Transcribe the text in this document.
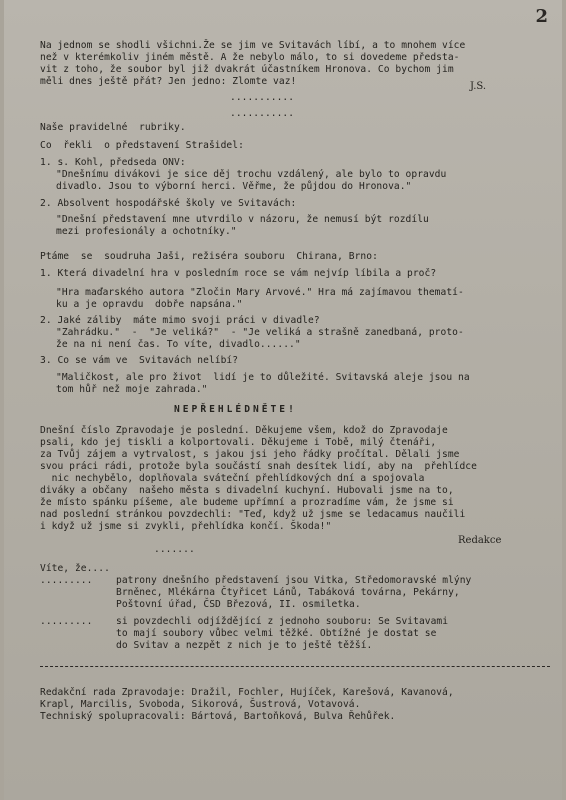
2

Na jednom se shodli všichni.Že se jim ve Svitavách líbí, a to mnohem více

než v kterémkoliv jiném městě. A že nebylo málo, to si dovedeme předsta-

vit z toho, že soubor byl již dvakrát účastníkem Hronova. Co bychom jim

měli dnes ještě přát? Jen jedno: Zlomte vaz!	J.S.

...........

...........

Naše pravidelné  rubriky.

Co  řekli  o představení Strašidel:

1. s. Kohl, předseda ONV:

"Dnešnímu divákovi je sice děj trochu vzdálený, ale bylo to opravdu

divadlo. Jsou to výborní herci. Věřme, že půjdou do Hronova."

2. Absolvent hospodářské školy ve Svitavách:

"Dnešní představení mne utvrdilo v názoru, že nemusí být rozdílu

mezi profesionály a ochotníky."

Ptáme  se  soudruha Jaši, režiséra souboru  Chirana, Brno:

1. Která divadelní hra v posledním roce se vám nejvíp líbila a proč?

"Hra maďarského autora "Zločin Mary Arvové." Hra má zajímavou thematí-

ku a je opravdu  dobře napsána."

2. Jaké záliby  máte mimo svoji práci v divadle?

"Zahrádku."  -  "Je veliká?"  - "Je veliká a strašně zanedbaná, proto-

že na ni není čas. To víte, divadlo......"

3. Co se vám ve  Svitavách nelíbí?

"Maličkost, ale pro život  lidí je to důležité. Svitavská aleje jsou na

tom hůř než moje zahrada."

NEPŘEHLÉDNĚTE!

Dnešní číslo Zpravodaje je poslední. Děkujeme všem, kdož do Zpravodaje

psali, kdo jej tiskli a kolportovali. Děkujeme i Tobě, milý čtenáři,

za Tvůj zájem a vytrvalost, s jakou jsi jeho řádky pročítal. Dělali jsme

svou práci rádi, protože byla součástí snah desítek lidí, aby na  přehlídce

nic nechybělo, doplňovala sváteční přehlídkových dní a spojovala

diváky a občany  našeho města s divadelní kuchyní. Hubovali jsme na to,

že místo spánku píšeme, ale budeme upřímní a prozradíme vám, že jsme si

nad poslední stránkou povzdechli: "Teď, když už jsme se ledacamus naučili

i když už jsme si zvykli, přehlídka končí. Škoda!"

Redakce

.......

Víte, že....

......... patrony dnešního představení jsou Vitka, Středomoravské mlýny

Brněnec, Mlékárna Čtyřicet Lánů, Tabáková továrna, Pekárny,

Poštovní úřad, ČSD Březová, II. osmiletka.

......... si povzdechli odjíždějící z jednoho souboru: Se Svitavami

to mají soubory vůbec velmi těžké. Obtížné je dostat se

do Svitav a nezpět z nich je to ještě těžší.

Redakční rada Zpravodaje: Dražil, Fochler, Hujíček, Karešová, Kavanová,

Krapl, Marcilis, Svoboda, Sikorová, Šustrová, Votavová.

Techniský spolupracovali: Bártová, Bartoňková, Bulva Řehůřek.
